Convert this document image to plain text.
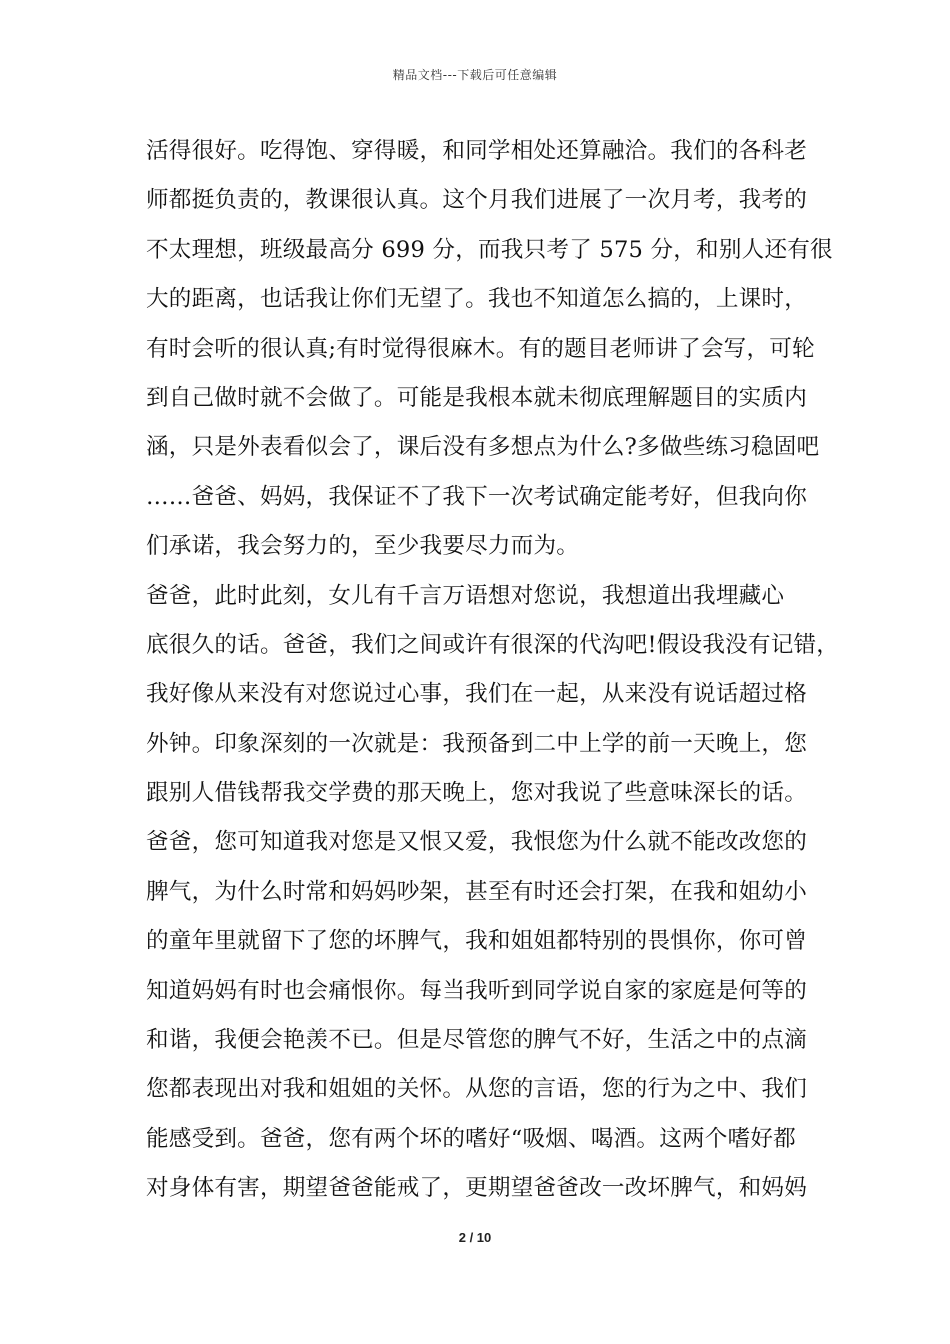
精品文档---下载后可任意编辑
活得很好。吃得饱、穿得暖，和同学相处还算融洽。我们的各科老
师都挺负责的，教课很认真。这个月我们进展了一次月考，我考的
不太理想，班级最高分 699 分，而我只考了 575 分，和别人还有很
大的距离，也话我让你们无望了。我也不知道怎么搞的，上课时，
有时会听的很认真;有时觉得很麻木。有的题目老师讲了会写，可轮
到自己做时就不会做了。可能是我根本就未彻底理解题目的实质内
涵，只是外表看似会了，课后没有多想点为什么?多做些练习稳固吧
……爸爸、妈妈，我保证不了我下一次考试确定能考好，但我向你
们承诺，我会努力的，至少我要尽力而为。
爸爸，此时此刻，女儿有千言万语想对您说，我想道出我埋藏心
底很久的话。爸爸，我们之间或许有很深的代沟吧!假设我没有记错，
我好像从来没有对您说过心事，我们在一起，从来没有说话超过格
外钟。印象深刻的一次就是：我预备到二中上学的前一天晚上，您
跟别人借钱帮我交学费的那天晚上，您对我说了些意味深长的话。
爸爸，您可知道我对您是又恨又爱，我恨您为什么就不能改改您的
脾气，为什么时常和妈妈吵架，甚至有时还会打架，在我和姐幼小
的童年里就留下了您的坏脾气，我和姐姐都特别的畏惧你，你可曾
知道妈妈有时也会痛恨你。每当我听到同学说自家的家庭是何等的
和谐，我便会艳羡不已。但是尽管您的脾气不好，生活之中的点滴
您都表现出对我和姐姐的关怀。从您的言语，您的行为之中、我们
能感受到。爸爸，您有两个坏的嗜好“吸烟、喝酒。这两个嗜好都
对身体有害，期望爸爸能戒了，更期望爸爸改一改坏脾气，和妈妈
2 / 10
